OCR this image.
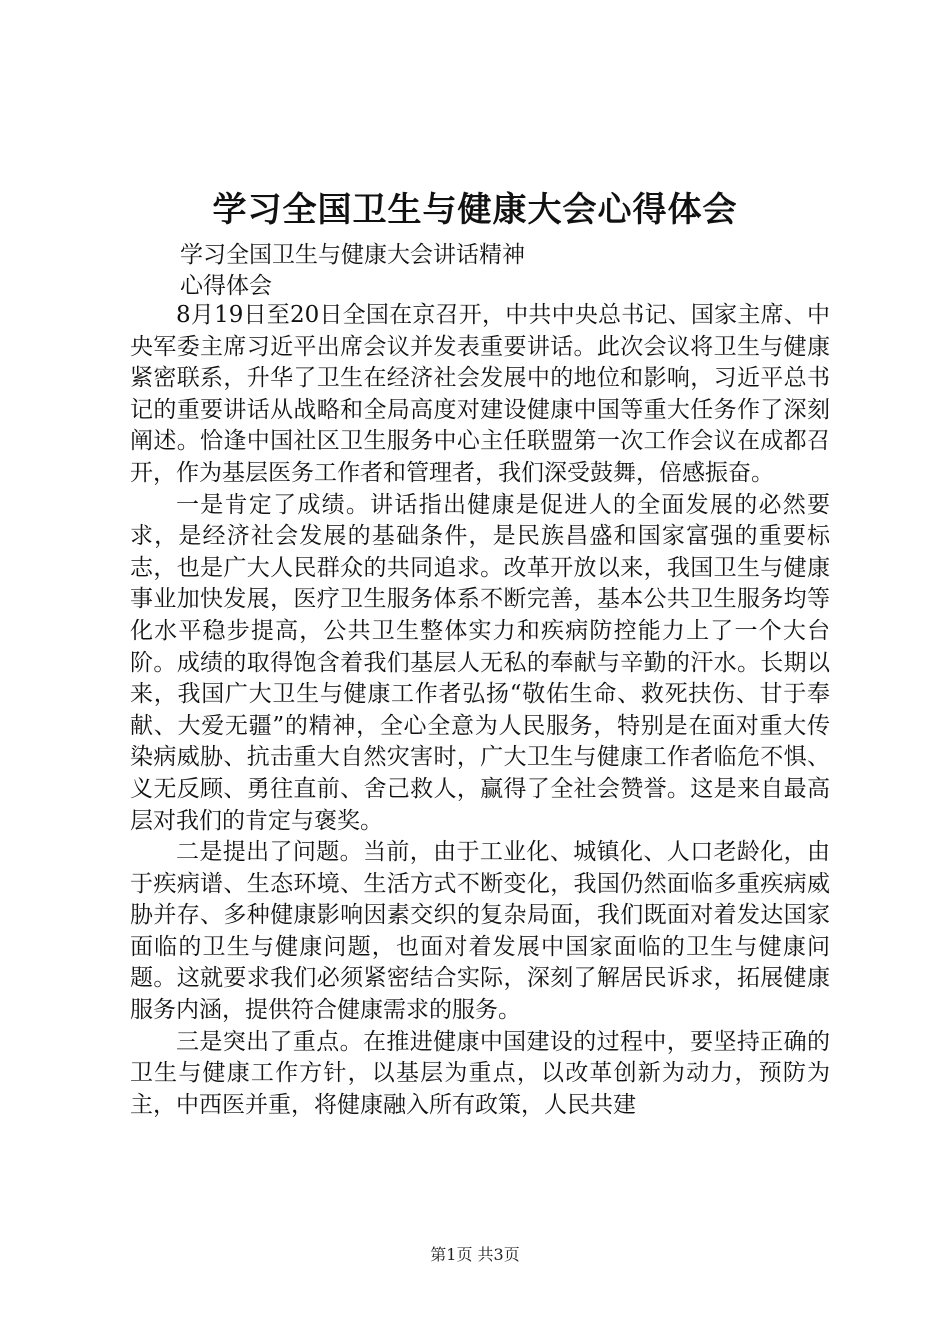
学习全国卫生与健康大会心得体会

学习全国卫生与健康大会讲话精神

心得体会

8月19日至20日全国在京召开，中共中央总书记、国家主席、中央军委主席习近平出席会议并发表重要讲话。此次会议将卫生与健康紧密联系，升华了卫生在经济社会发展中的地位和影响，习近平总书记的重要讲话从战略和全局高度对建设健康中国等重大任务作了深刻阐述。恰逢中国社区卫生服务中心主任联盟第一次工作会议在成都召开，作为基层医务工作者和管理者，我们深受鼓舞，倍感振奋。

一是肯定了成绩。讲话指出健康是促进人的全面发展的必然要求，是经济社会发展的基础条件，是民族昌盛和国家富强的重要标志，也是广大人民群众的共同追求。改革开放以来，我国卫生与健康事业加快发展，医疗卫生服务体系不断完善，基本公共卫生服务均等化水平稳步提高，公共卫生整体实力和疾病防控能力上了一个大台阶。成绩的取得饱含着我们基层人无私的奉献与辛勤的汗水。长期以来，我国广大卫生与健康工作者弘扬“敬佑生命、救死扶伤、甘于奉献、大爱无疆”的精神，全心全意为人民服务，特别是在面对重大传染病威胁、抗击重大自然灾害时，广大卫生与健康工作者临危不惧、义无反顾、勇往直前、舍己救人，赢得了全社会赞誉。这是来自最高层对我们的肯定与褒奖。

二是提出了问题。当前，由于工业化、城镇化、人口老龄化，由于疾病谱、生态环境、生活方式不断变化，我国仍然面临多重疾病威胁并存、多种健康影响因素交织的复杂局面，我们既面对着发达国家面临的卫生与健康问题，也面对着发展中国家面临的卫生与健康问题。这就要求我们必须紧密结合实际，深刻了解居民诉求，拓展健康服务内涵，提供符合健康需求的服务。

三是突出了重点。在推进健康中国建设的过程中，要坚持正确的卫生与健康工作方针，以基层为重点，以改革创新为动力，预防为主，中西医并重，将健康融入所有政策，人民共建

第1页 共3页
